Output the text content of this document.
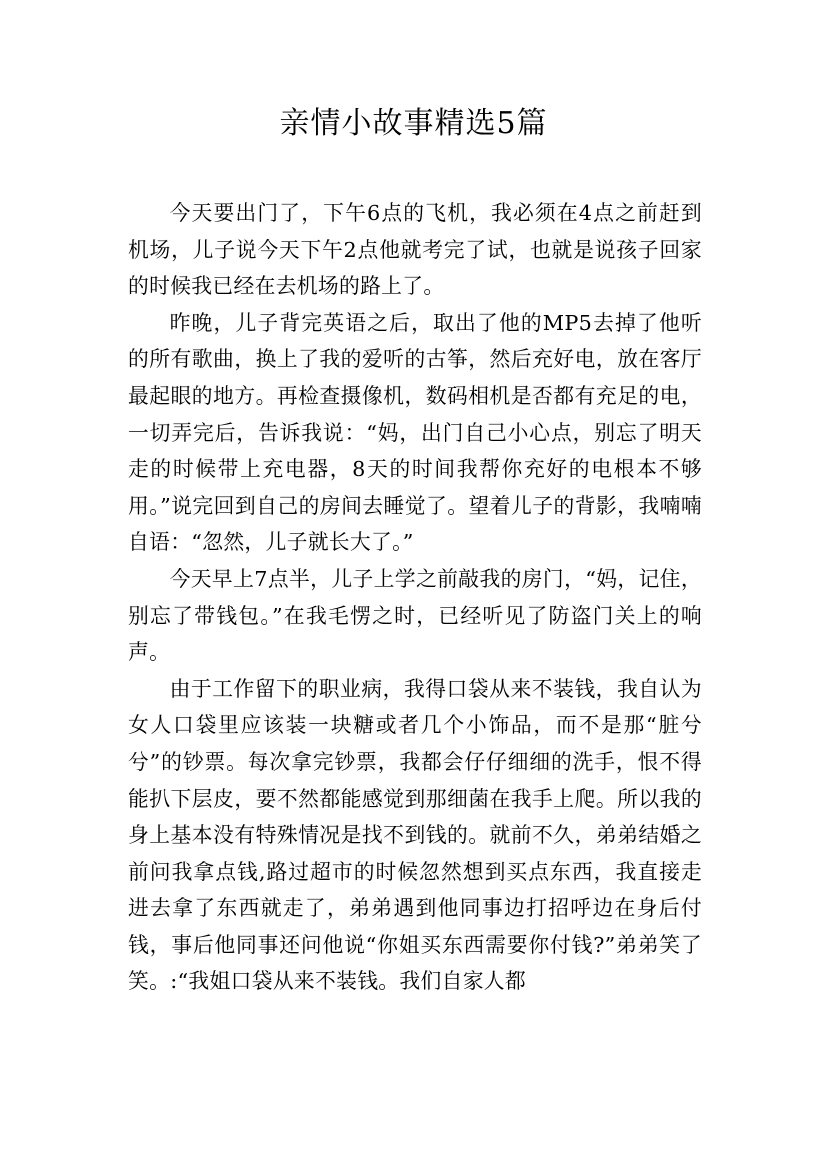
亲情小故事精选5篇

今天要出门了，下午6点的飞机，我必须在4点之前赶到机场，儿子说今天下午2点他就考完了试，也就是说孩子回家的时候我已经在去机场的路上了。

昨晚，儿子背完英语之后，取出了他的MP5去掉了他听的所有歌曲，换上了我的爱听的古筝，然后充好电，放在客厅最起眼的地方。再检查摄像机，数码相机是否都有充足的电，一切弄完后，告诉我说：“妈，出门自己小心点，别忘了明天走的时候带上充电器，8天的时间我帮你充好的电根本不够用。”说完回到自己的房间去睡觉了。望着儿子的背影，我喃喃自语：“忽然，儿子就长大了。”

今天早上7点半，儿子上学之前敲我的房门，“妈，记住，别忘了带钱包。”在我毛愣之时，已经听见了防盗门关上的响声。

由于工作留下的职业病，我得口袋从来不装钱，我自认为女人口袋里应该装一块糖或者几个小饰品，而不是那“脏兮兮”的钞票。每次拿完钞票，我都会仔仔细细的洗手，恨不得能扒下层皮，要不然都能感觉到那细菌在我手上爬。所以我的身上基本没有特殊情况是找不到钱的。就前不久，弟弟结婚之前问我拿点钱,路过超市的时候忽然想到买点东西，我直接走进去拿了东西就走了，弟弟遇到他同事边打招呼边在身后付钱，事后他同事还问他说“你姐买东西需要你付钱?”弟弟笑了笑。:“我姐口袋从来不装钱。我们自家人都
